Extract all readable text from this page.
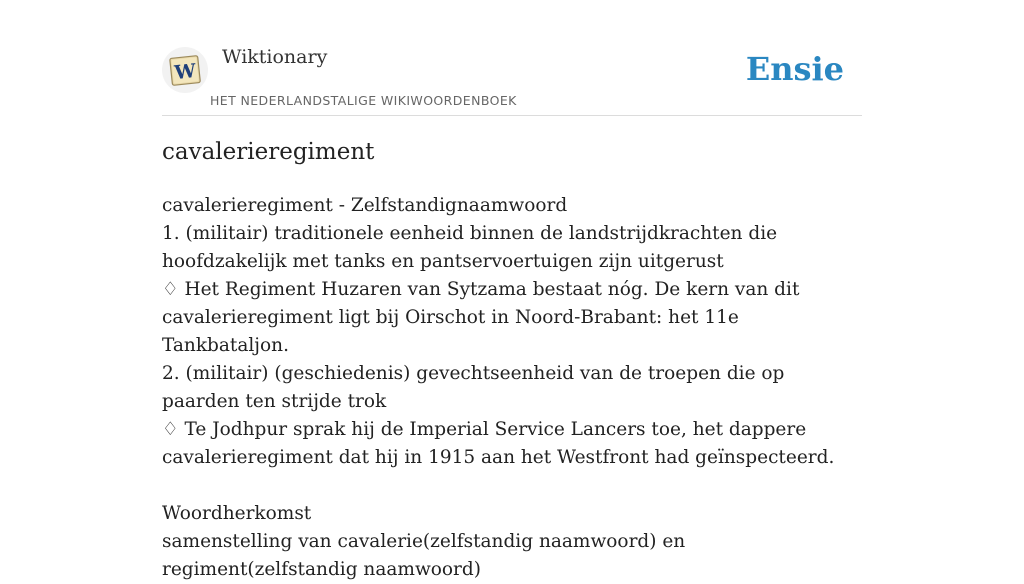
W
Wiktionary
HET NEDERLANDSTALIGE WIKIWOORDENBOEK
Ensie
cavalerieregiment
cavalerieregiment - Zelfstandignaamwoord
1. (militair) traditionele eenheid binnen de landstrijdkrachten die hoofdzakelijk met tanks en pantservoertuigen zijn uitgerust
♢ Het Regiment Huzaren van Sytzama bestaat nóg. De kern van dit cavalerieregiment ligt bij Oirschot in Noord-Brabant: het 11e Tankbataljon.
2. (militair) (geschiedenis) gevechtseenheid van de troepen die op paarden ten strijde trok
♢ Te Jodhpur sprak hij de Imperial Service Lancers toe, het dappere cavalerieregiment dat hij in 1915 aan het Westfront had geïnspecteerd.
Woordherkomst
samenstelling van cavalerie(zelfstandig naamwoord) en regiment(zelfstandig naamwoord)
